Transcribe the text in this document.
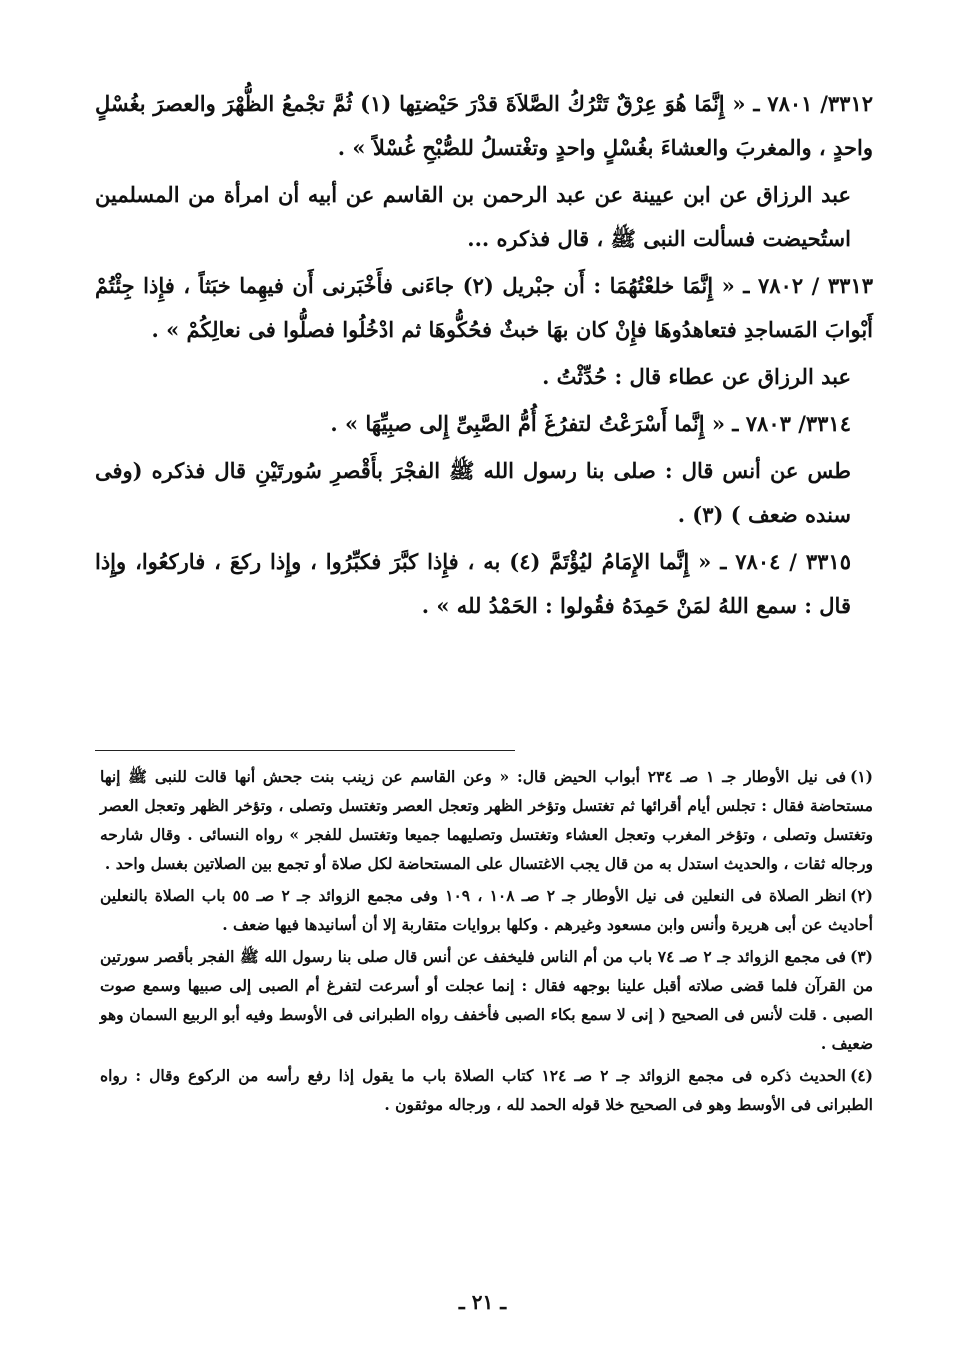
٣٣١٢/ ٧٨٠١ ـ « إِنَّمَا هُوَ عِرْقٌ تَتْرُكُ الصَّلاَةَ قدْرَ حَيْضتِها (١) ثُمَّ تجْمعُ الظُّهْرَ والعصرَ بغُسْلٍ واحدٍ ، والمغربَ والعشاءَ بغُسْلٍ واحدٍ وتغْتسلُ للصُّبْحِ غُسْلاً » .

عبد الرزاق عن ابن عيينة عن عبد الرحمن بن القاسم عن أبيه أن امرأة من المسلمين استُحيضت فسألت النبى ﷺ ، قال فذكره ...

٣٣١٣ / ٧٨٠٢ ـ « إِنَّمَا خلعْتُهُمَا : أَن جبْريل (٢) جاءَنى فأَخْبَرنى أَن فيهِما خبَثاً ، فإِذا جِئْتُمْ أَبْوابَ المَساجدِ فتعاهدُوهَا فإِنْ كان بهَا خبثٌ فحُكُّوهَا ثم ادْخُلُوا فصلُّوا فى نعالِكُمْ » .

عبد الرزاق عن عطاء قال : حُدِّثْتُ .

٣٣١٤/ ٧٨٠٣ ـ « إِنَّما أَسْرَعْتُ لتفرُغَ أُمُّ الصَّبِىِّ إِلى صبِيِّهَا » .

طس عن أنس قال : صلى بنا رسول الله ﷺ الفجْرَ بأَقْصرِ سُورتَيْنِ قال فذكره (وفى سنده ضعف ) (٣) .

٣٣١٥ / ٧٨٠٤ ـ « إِنَّما الإِمَامُ ليُؤْتَمَّ (٤) به ، فإِذا كبَّرَ فكبِّرُوا ، وإِذا ركعَ ، فاركعُوا، وإِذا قال : سمع اللهُ لمَنْ حَمِدَهُ فقُولوا : الحَمْدُ لله » .

(١)فى نيل الأوطار جـ ١ صـ ٢٣٤ أبواب الحيض قال: « وعن القاسم عن زينب بنت جحش أنها قالت للنبى ﷺ إنها مستحاضة فقال : تجلس أيام أقرائها ثم تغتسل وتؤخر الظهر وتعجل العصر وتغتسل وتصلى ، وتؤخر الظهر وتعجل العصر وتغتسل وتصلى ، وتؤخر المغرب وتعجل العشاء وتغتسل وتصليهما جميعا وتغتسل للفجر » رواه النسائى . وقال شارحه ورجاله ثقات ، والحديث استدل به من قال يجب الاغتسال على المستحاضة لكل صلاة أو تجمع بين الصلاتين بغسل واحد .

(٢)انظر الصلاة فى النعلين فى نيل الأوطار جـ ٢ صـ ١٠٨ ، ١٠٩ وفى مجمع الزوائد جـ ٢ صـ ٥٥ باب الصلاة بالنعلين أحاديث عن أبى هريرة وأنس وابن مسعود وغيرهم . وكلها بروايات متقاربة إلا أن أسانيدها فيها ضعف .

(٣)فى مجمع الزوائد جـ ٢ صـ ٧٤ باب من أم الناس فليخفف عن أنس قال صلى بنا رسول الله ﷺ الفجر بأقصر سورتين من القرآن فلما قضى صلاته أقبل علينا بوجهه فقال : إنما عجلت أو أسرعت لتفرغ أم الصبى إلى صبيها وسمع صوت الصبى . قلت لأنس فى الصحيح ( إنى لا سمع بكاء الصبى فأخفف رواه الطبرانى فى الأوسط وفيه أبو الربيع السمان وهو ضعيف .

(٤)الحديث ذكره فى مجمع الزوائد جـ ٢ صـ ١٢٤ كتاب الصلاة باب ما يقول إذا رفع رأسه من الركوع وقال : رواه الطبرانى فى الأوسط وهو فى الصحيح خلا قوله الحمد لله ، ورجاله موثقون .

ـ ٢١ ـ
